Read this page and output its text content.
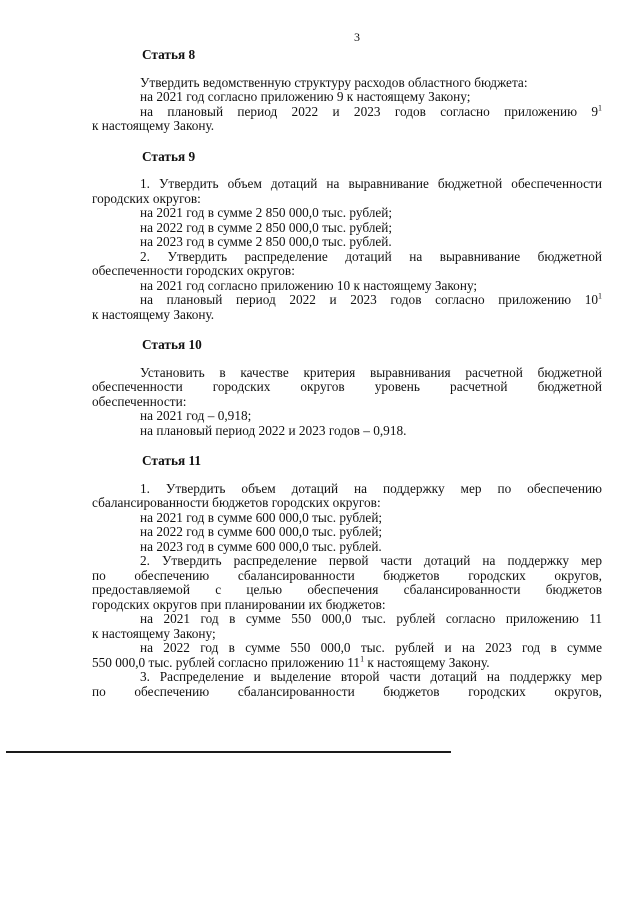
3

Статья 8

Утвердить ведомственную структуру расходов областного бюджета:

на 2021 год согласно приложению 9 к настоящему Закону;

на плановый период 2022 и 2023 годов согласно приложению $9^1$

к настоящему Закону.

Статья 9

1. Утвердить объем дотаций на выравнивание бюджетной обеспеченности

городских округов:

на 2021 год в сумме 2 850 000,0 тыс. рублей;

на 2022 год в сумме 2 850 000,0 тыс. рублей;

на 2023 год в сумме 2 850 000,0 тыс. рублей.

2. Утвердить распределение дотаций на выравнивание бюджетной

обеспеченности городских округов:

на 2021 год согласно приложению 10 к настоящему Закону;

на плановый период 2022 и 2023 годов согласно приложению $10^1$

к настоящему Закону.

Статья 10

Установить в качестве критерия выравнивания расчетной бюджетной

обеспеченности городских округов уровень расчетной бюджетной

обеспеченности:

на 2021 год – 0,918;

на плановый период 2022 и 2023 годов – 0,918.

Статья 11

1. Утвердить объем дотаций на поддержку мер по обеспечению

сбалансированности бюджетов городских округов:

на 2021 год в сумме 600 000,0 тыс. рублей;

на 2022 год в сумме 600 000,0 тыс. рублей;

на 2023 год в сумме 600 000,0 тыс. рублей.

2. Утвердить распределение первой части дотаций на поддержку мер

по обеспечению сбалансированности бюджетов городских округов,

предоставляемой с целью обеспечения сбалансированности бюджетов

городских округов при планировании их бюджетов:

на 2021 год в сумме 550 000,0 тыс. рублей согласно приложению 11

к настоящему Закону;

на 2022 год в сумме 550 000,0 тыс. рублей и на 2023 год в сумме

550 000,0 тыс. рублей согласно приложению $11^1$ к настоящему Закону.

3. Распределение и выделение второй части дотаций на поддержку мер

по обеспечению сбалансированности бюджетов городских округов,
